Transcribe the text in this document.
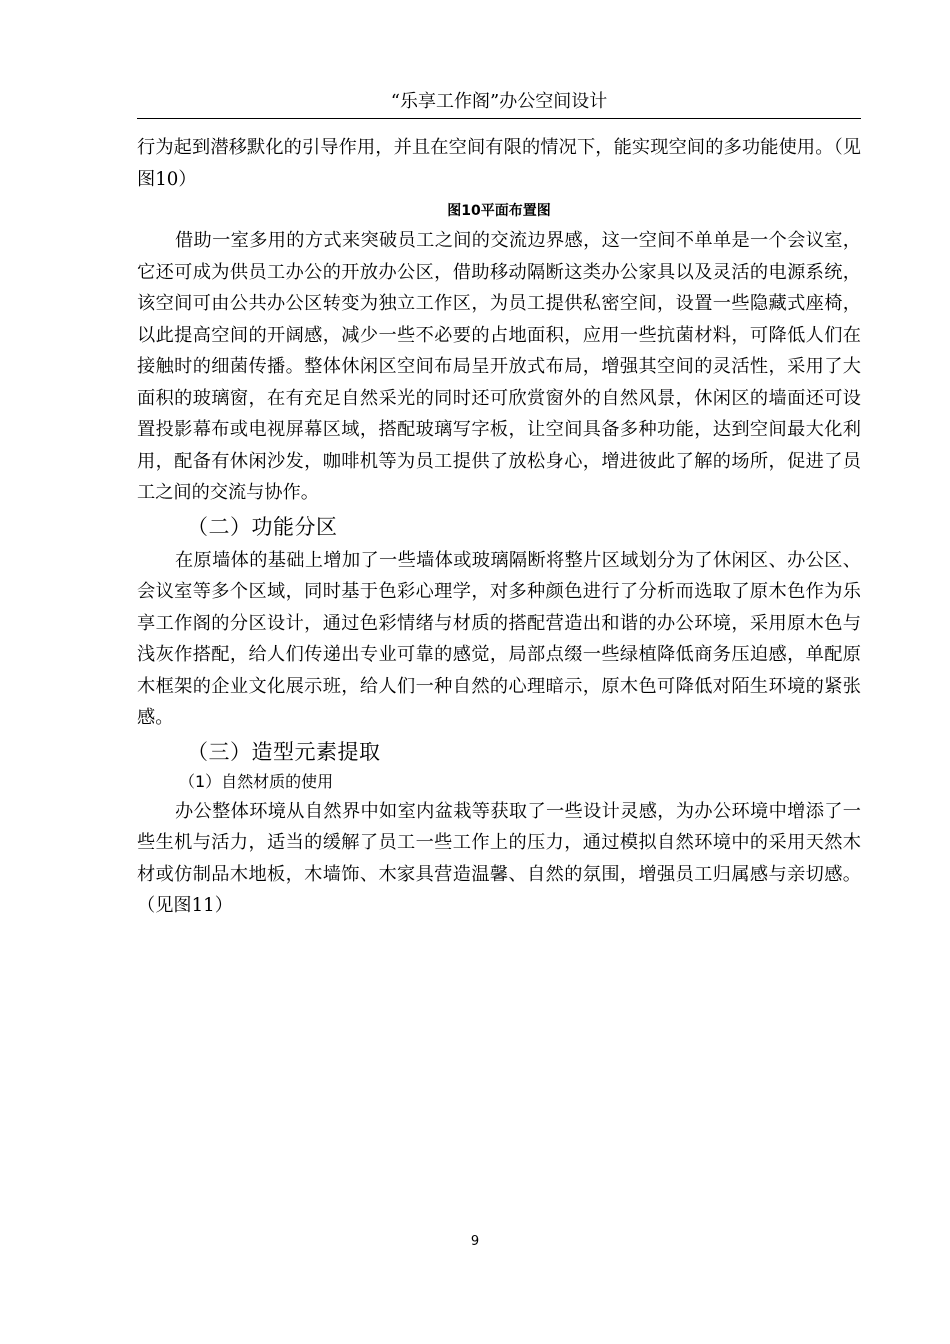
“乐享工作阁”办公空间设计

行为起到潜移默化的引导作用，并且在空间有限的情况下，能实现空间的多功能使用。（见图10）

图10平面布置图

借助一室多用的方式来突破员工之间的交流边界感，这一空间不单单是一个会议室，它还可成为供员工办公的开放办公区，借助移动隔断这类办公家具以及灵活的电源系统，该空间可由公共办公区转变为独立工作区，为员工提供私密空间，设置一些隐藏式座椅，以此提高空间的开阔感，减少一些不必要的占地面积，应用一些抗菌材料，可降低人们在接触时的细菌传播。整体休闲区空间布局呈开放式布局，增强其空间的灵活性，采用了大面积的玻璃窗，在有充足自然采光的同时还可欣赏窗外的自然风景，休闲区的墙面还可设置投影幕布或电视屏幕区域，搭配玻璃写字板，让空间具备多种功能，达到空间最大化利用，配备有休闲沙发，咖啡机等为员工提供了放松身心，增进彼此了解的场所，促进了员工之间的交流与协作。

（二）功能分区

在原墙体的基础上增加了一些墙体或玻璃隔断将整片区域划分为了休闲区、办公区、会议室等多个区域，同时基于色彩心理学，对多种颜色进行了分析而选取了原木色作为乐享工作阁的分区设计，通过色彩情绪与材质的搭配营造出和谐的办公环境，采用原木色与浅灰作搭配，给人们传递出专业可靠的感觉，局部点缀一些绿植降低商务压迫感，单配原木框架的企业文化展示班，给人们一种自然的心理暗示，原木色可降低对陌生环境的紧张感。

（三）造型元素提取
（1）自然材质的使用

办公整体环境从自然界中如室内盆栽等获取了一些设计灵感，为办公环境中增添了一些生机与活力，适当的缓解了员工一些工作上的压力，通过模拟自然环境中的采用天然木材或仿制品木地板，木墙饰、木家具营造温馨、自然的氛围，增强员工归属感与亲切感。（见图11）

9
